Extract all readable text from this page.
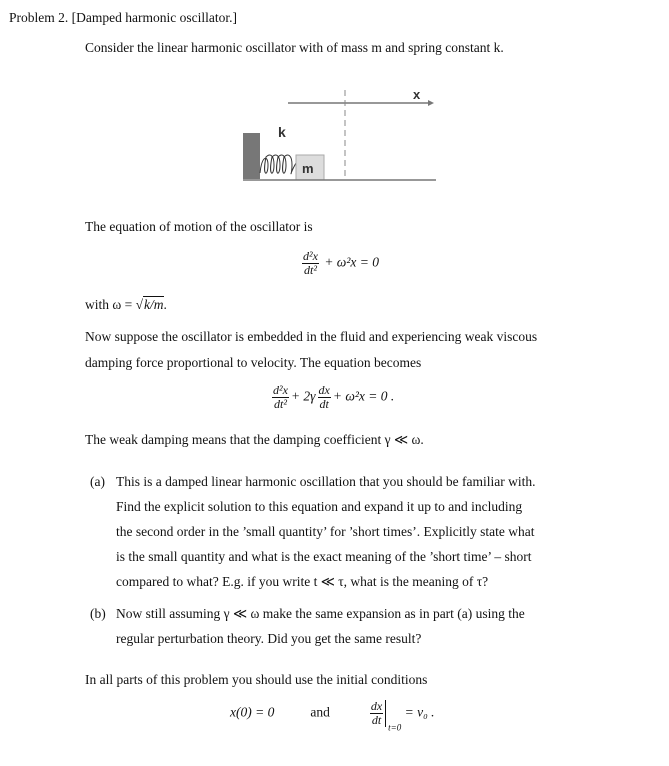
Problem 2. [Damped harmonic oscillator.]
Consider the linear harmonic oscillator with of mass m and spring constant k.
x
m
k
The equation of motion of the oscillator is
$\frac{\text{d²x}}{\text{dt²}} + \omega^2x = 0$
with ω = √k/m.
Now suppose the oscillator is embedded in the fluid and experiencing weak viscous
damping force proportional to velocity. The equation becomes
$\frac{\text{d²x}}{\text{dt²}} + 2\gamma \frac{dx}{dt} + \omega^2x = 0$ .
The weak damping means that the damping coefficient γ ≪ ω.
(a) This is a damped linear harmonic oscillation that you should be familiar with.
Find the explicit solution to this equation and expand it up to and including
the second order in the ’small quantity’ for ’short times’. Explicitly state what
is the small quantity and what is the exact meaning of the ’short time’ – short
compared to what? E.g. if you write t ≪ τ, what is the meaning of τ?
(b) Now still assuming γ ≪ ω make the same expansion as in part (a) using the
regular perturbation theory. Did you get the same result?
In all parts of this problem you should use the initial conditions
x(0) = 0	and	$\frac{dx}{dt}$
$_{t=0}$ = v₀ .
